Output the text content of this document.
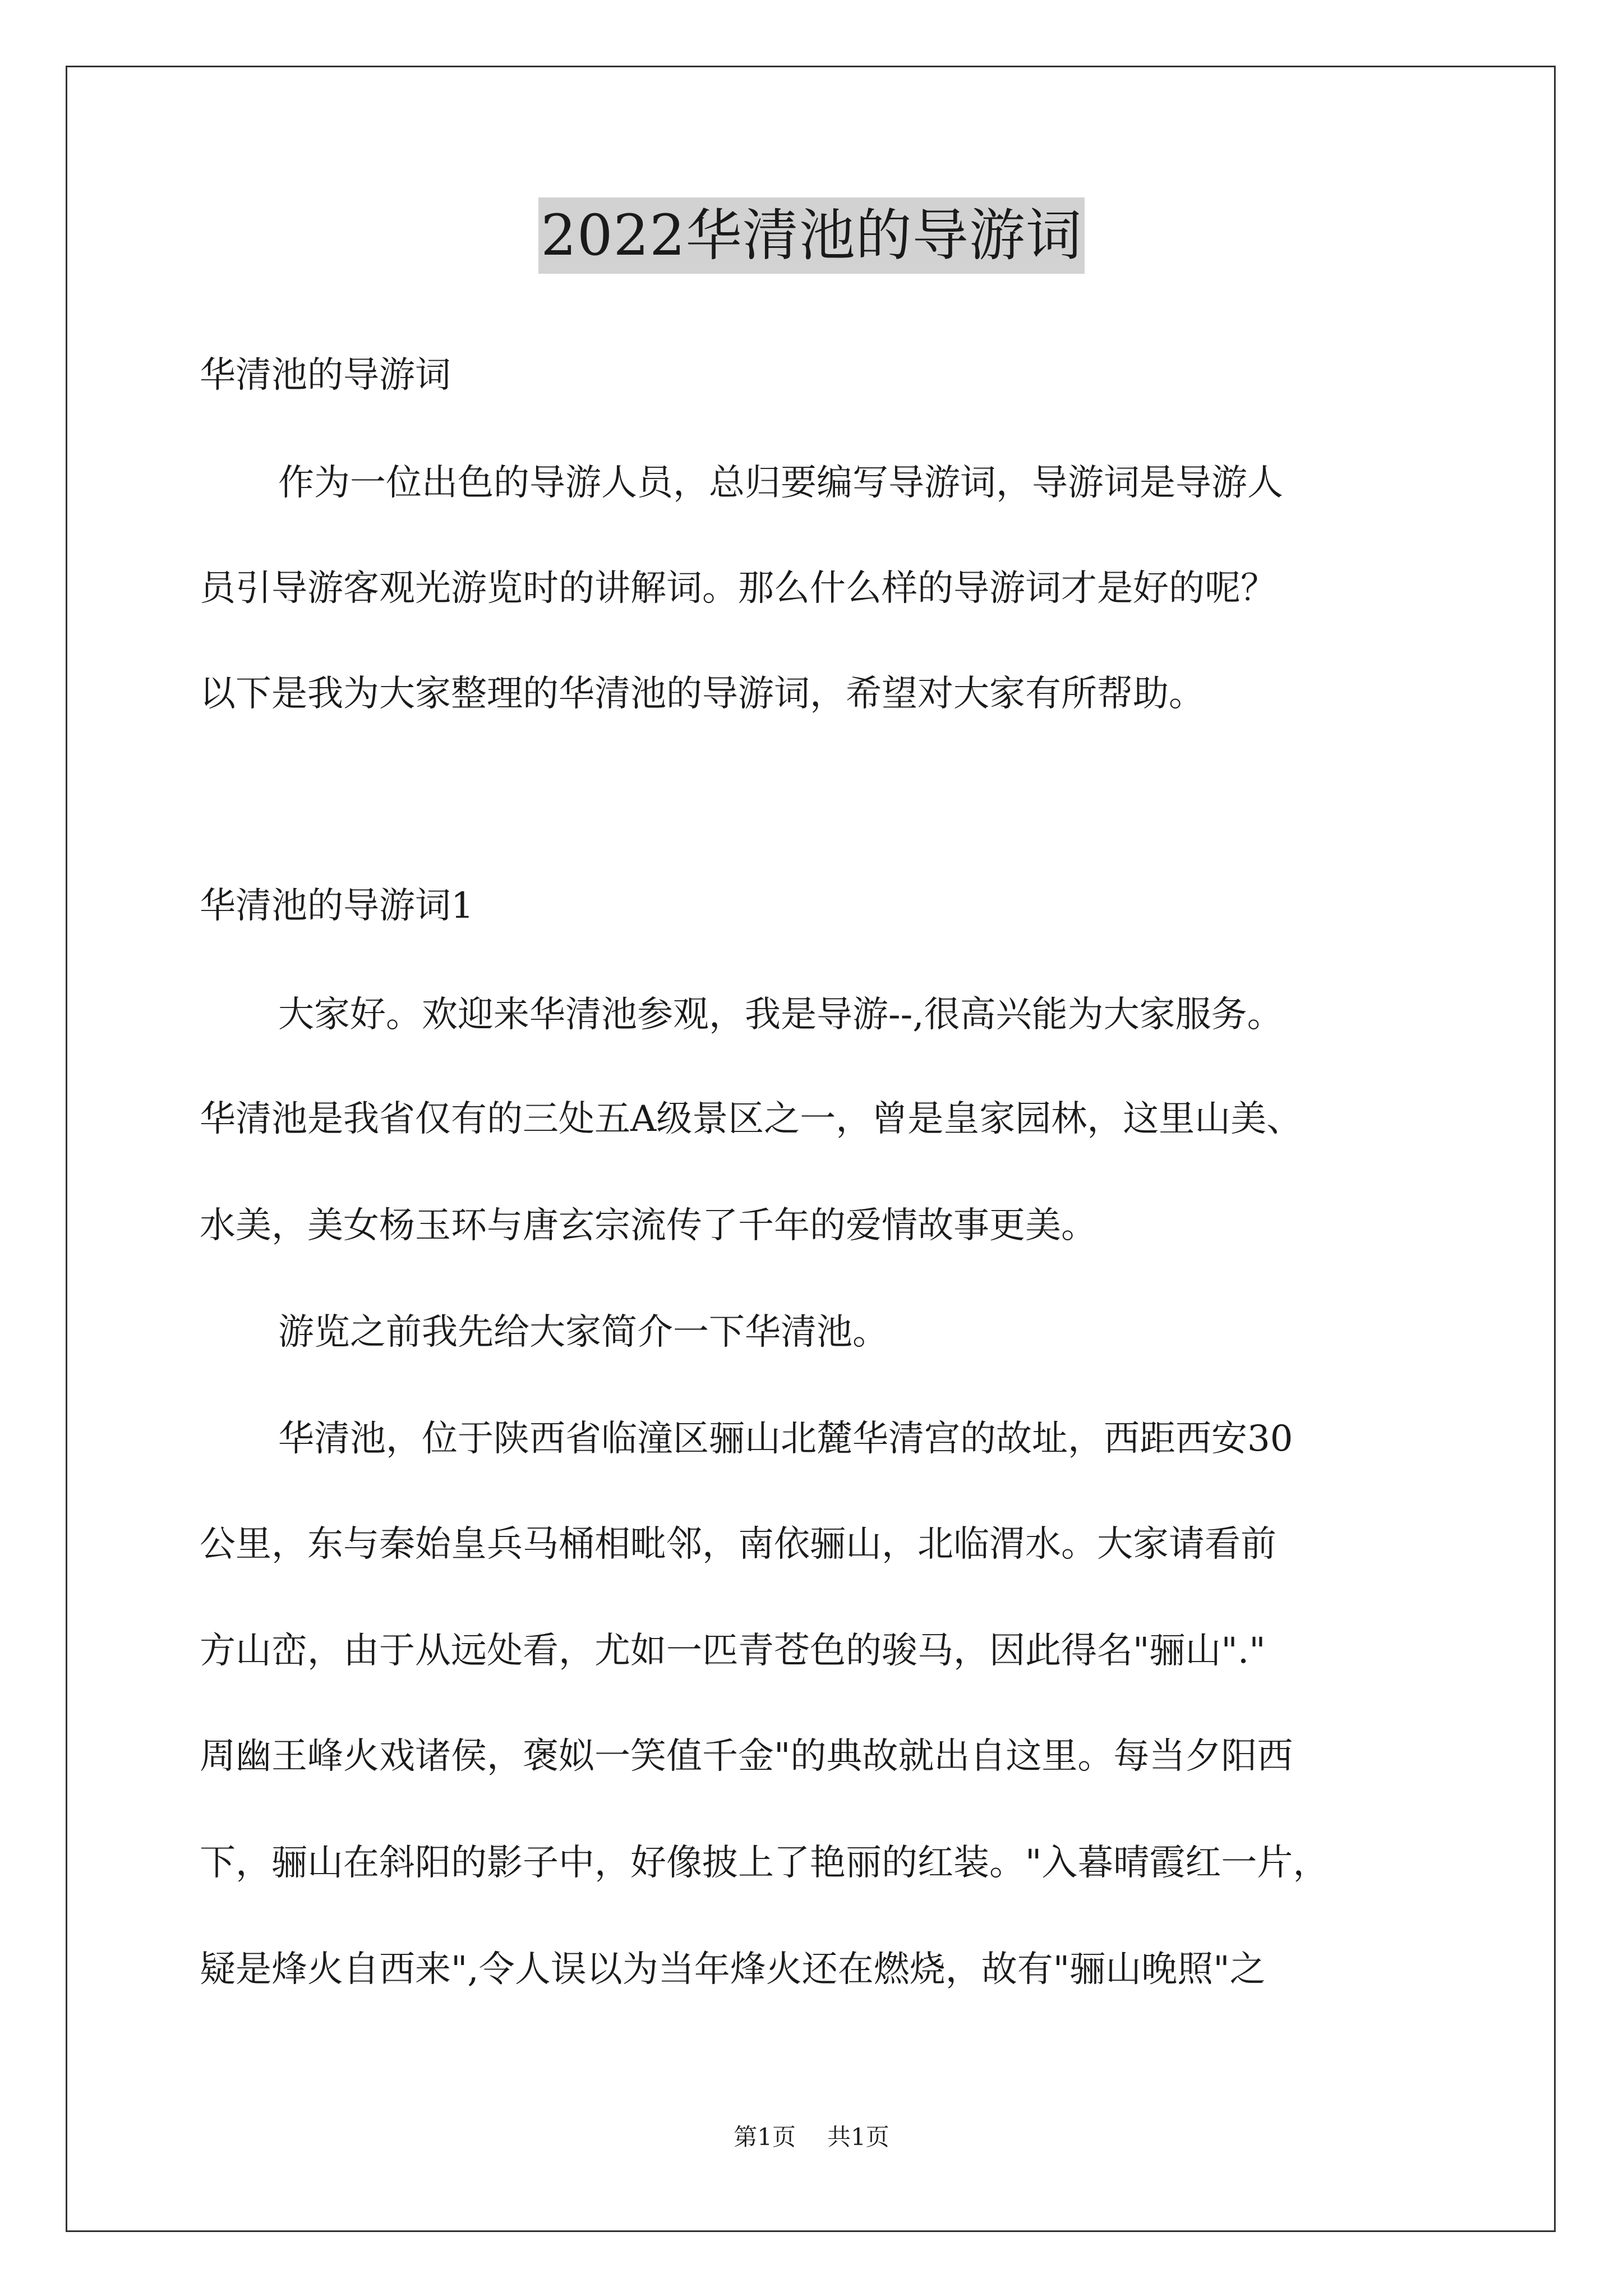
2022华清池的导游词
华清池的导游词
作为一位出色的导游人员，总归要编写导游词，导游词是导游人
员引导游客观光游览时的讲解词。那么什么样的导游词才是好的呢？
以下是我为大家整理的华清池的导游词，希望对大家有所帮助。
华清池的导游词1
大家好。欢迎来华清池参观，我是导游--,很高兴能为大家服务。
华清池是我省仅有的三处五A级景区之一，曾是皇家园林，这里山美、
水美，美女杨玉环与唐玄宗流传了千年的爱情故事更美。
游览之前我先给大家简介一下华清池。
华清池，位于陕西省临潼区骊山北麓华清宫的故址，西距西安30
公里，东与秦始皇兵马桶相毗邻，南依骊山，北临渭水。大家请看前
方山峦，由于从远处看，尤如一匹青苍色的骏马，因此得名"骊山"."
周幽王峰火戏诸侯，褒姒一笑值千金"的典故就出自这里。每当夕阳西
下，骊山在斜阳的影子中，好像披上了艳丽的红装。"入暮晴霞红一片，
疑是烽火自西来",令人误以为当年烽火还在燃烧，故有"骊山晚照"之
第1页 共1页
